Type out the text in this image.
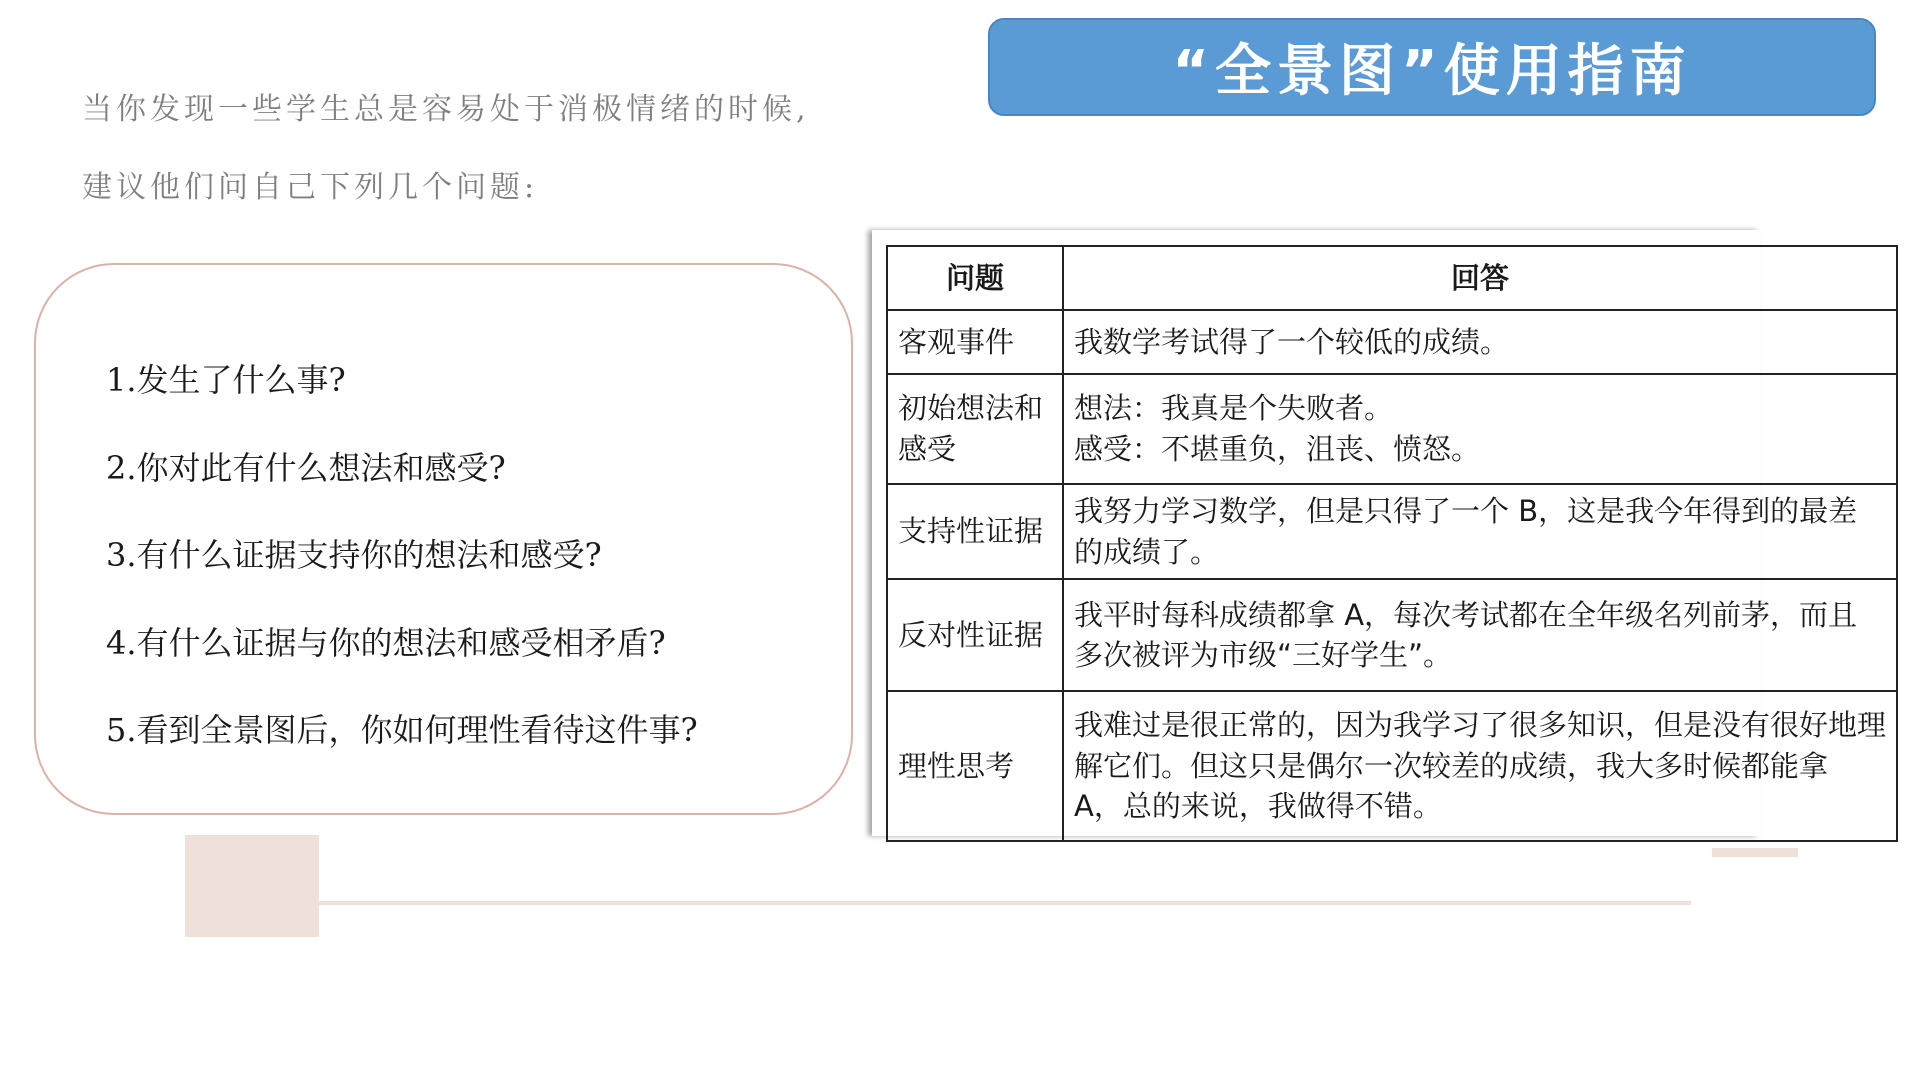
“全景图”使用指南
当你发现一些学生总是容易处于消极情绪的时候,
建议他们问自己下列几个问题:
1.发生了什么事?
2.你对此有什么想法和感受?
3.有什么证据支持你的想法和感受?
4.有什么证据与你的想法和感受相矛盾?
5.看到全景图后，你如何理性看待这件事?
问题	回答
客观事件	我数学考试得了一个较低的成绩。
初始想法和感受	想法：我真是个失败者。
感受：不堪重负，沮丧、愤怒。
支持性证据	我努力学习数学，但是只得了一个 B，这是我今年得到的最差的成绩了。
反对性证据	我平时每科成绩都拿 A，每次考试都在全年级名列前茅，而且多次被评为市级“三好学生”。
理性思考	我难过是很正常的，因为我学习了很多知识，但是没有很好地理解它们。但这只是偶尔一次较差的成绩，我大多时候都能拿 A，总的来说，我做得不错。
